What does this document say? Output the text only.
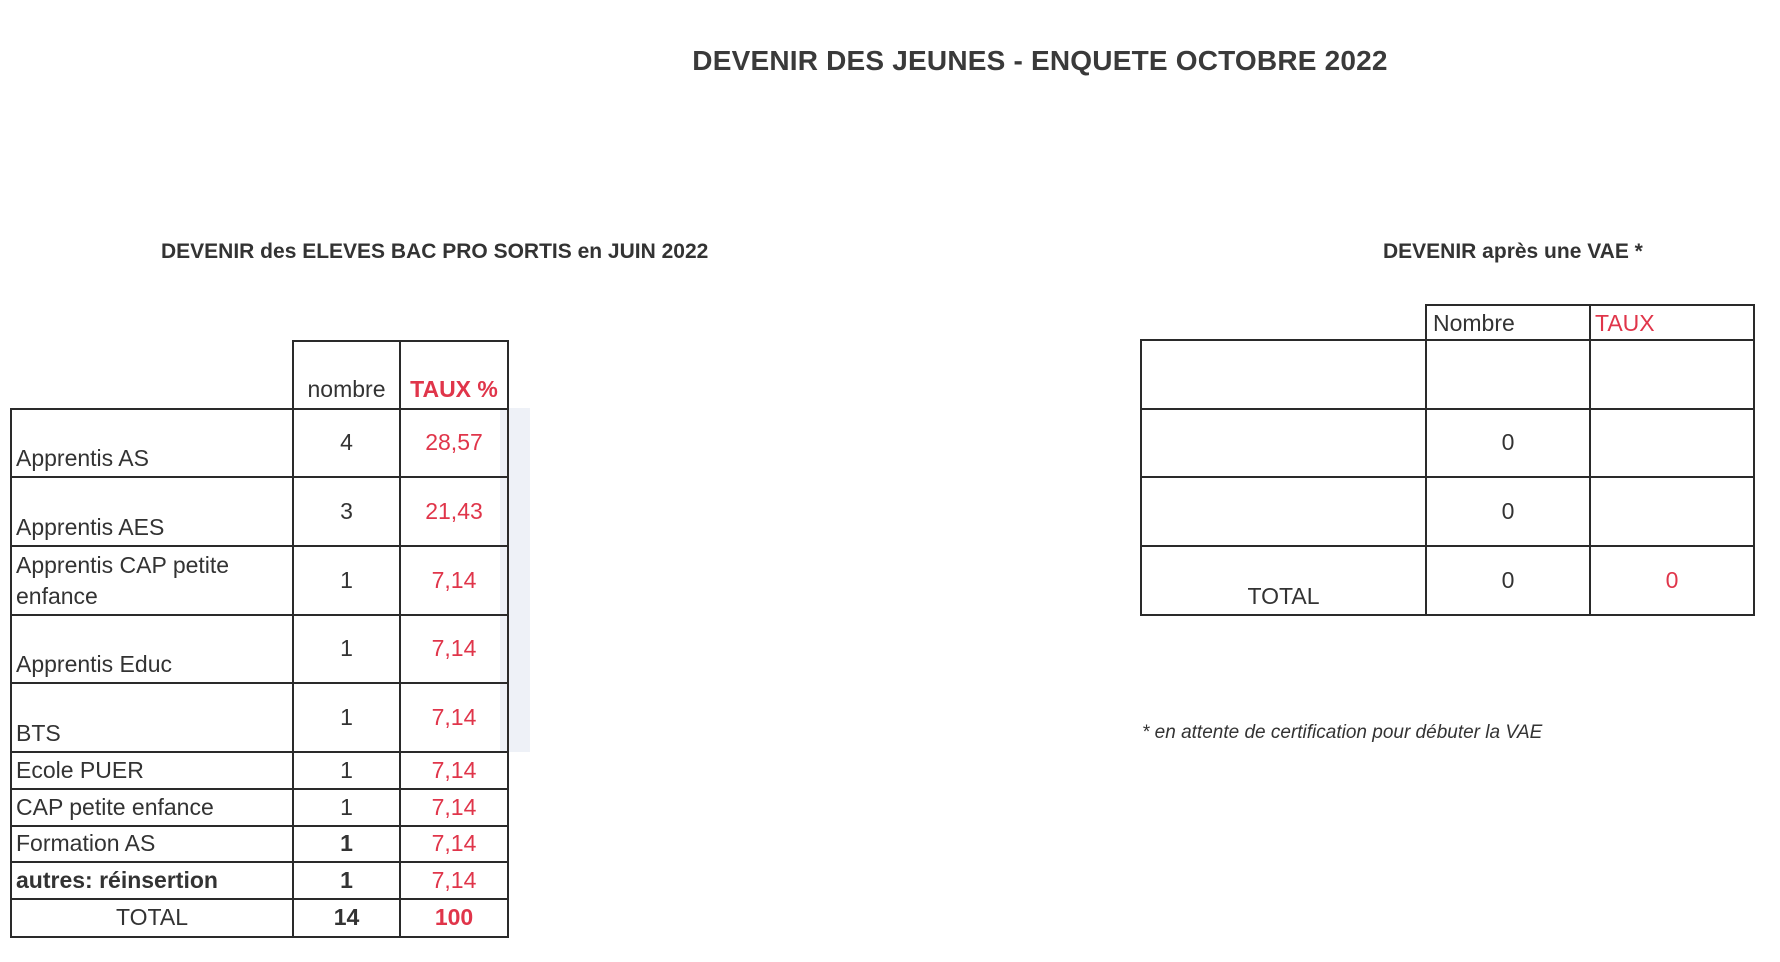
DEVENIR DES JEUNES - ENQUETE OCTOBRE 2022
DEVENIR des ELEVES BAC PRO SORTIS en JUIN 2022	DEVENIR après une VAE *
	nombre	TAUX %
Apprentis AS	4	28,57
Apprentis AES	3	21,43
Apprentis CAP petite enfance	1	7,14
Apprentis Educ	1	7,14
BTS	1	7,14
Ecole PUER	1	7,14
CAP petite enfance	1	7,14
Formation AS	1	7,14
autres: réinsertion	1	7,14
TOTAL	14	100
	Nombre	TAUX

	0	
	0	
TOTAL	0	0
* en attente de certification pour débuter la VAE
